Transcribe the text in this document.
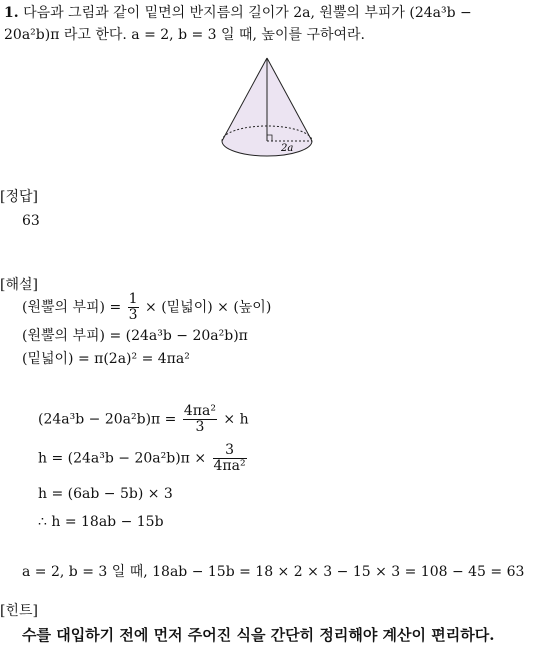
1. 다음과 그림과 같이 밑면의 반지름의 길이가 2a, 원뿔의 부피가 (24a³b −
20a²b)π 라고 한다. a = 2, b = 3 일 때, 높이를 구하여라.
2a
[정답]
63
[해설]
(원뿔의 부피) = $\frac{1}{3}$ × (밑넓이) × (높이)
(원뿔의 부피) = (24a³b − 20a²b)π
(밑넓이) = π(2a)² = 4πa²
$(24a^3b - 20a^2b)\pi = \frac{\text{4πa²}}{3} \times h$
$h = (24a^3b - 20a^2b)\pi \times \frac{3}{\text{4πa²}}$
h = (6ab − 5b) × 3
∴ h = 18ab − 15b
a = 2, b = 3 일 때, 18ab − 15b = 18 × 2 × 3 − 15 × 3 = 108 − 45 = 63
[힌트]
수를 대입하기 전에 먼저 주어진 식을 간단히 정리해야 계산이 편리하다.
